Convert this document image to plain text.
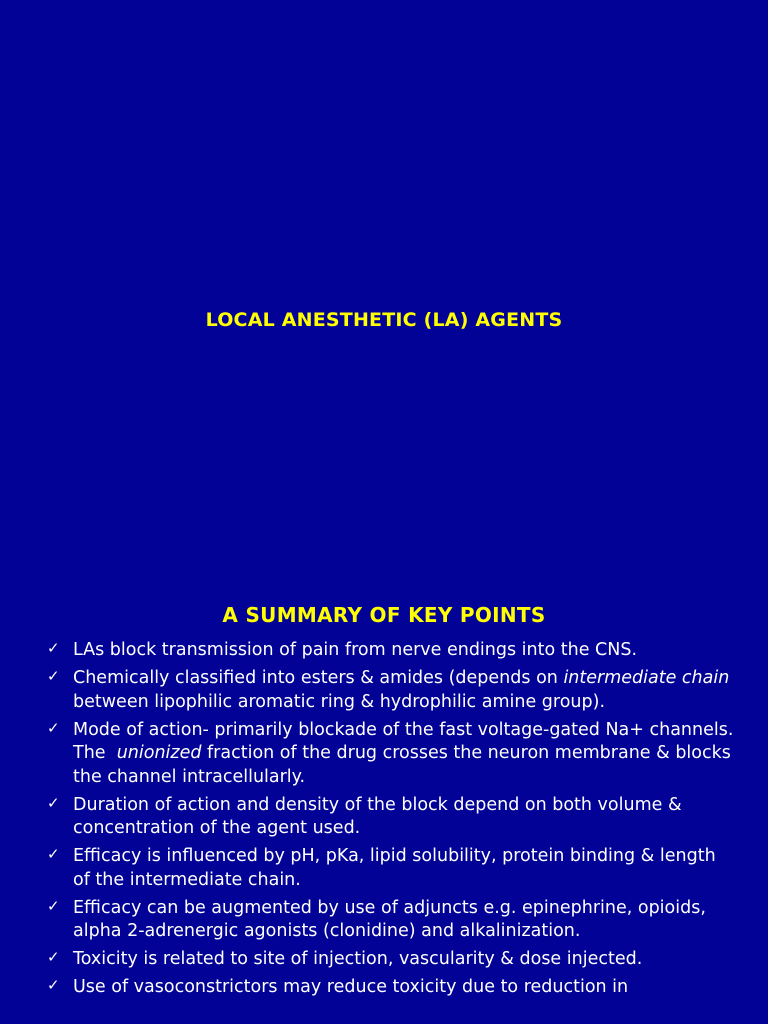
LOCAL ANESTHETIC (LA) AGENTS
A SUMMARY OF KEY POINTS
✓ LAs block transmission of pain from nerve endings into the CNS.
✓ Chemically classified into esters & amides (depends on intermediate chain between lipophilic aromatic ring & hydrophilic amine group).
✓ Mode of action- primarily blockade of the fast voltage-gated Na+ channels. The  unionized fraction of the drug crosses the neuron membrane & blocks the channel intracellularly.
✓ Duration of action and density of the block depend on both volume & concentration of the agent used.
✓ Efficacy is influenced by pH, pKa, lipid solubility, protein binding & length of the intermediate chain.
✓ Efficacy can be augmented by use of adjuncts e.g. epinephrine, opioids, alpha 2-adrenergic agonists (clonidine) and alkalinization.
✓ Toxicity is related to site of injection, vascularity & dose injected.
✓ Use of vasoconstrictors may reduce toxicity due to reduction in
